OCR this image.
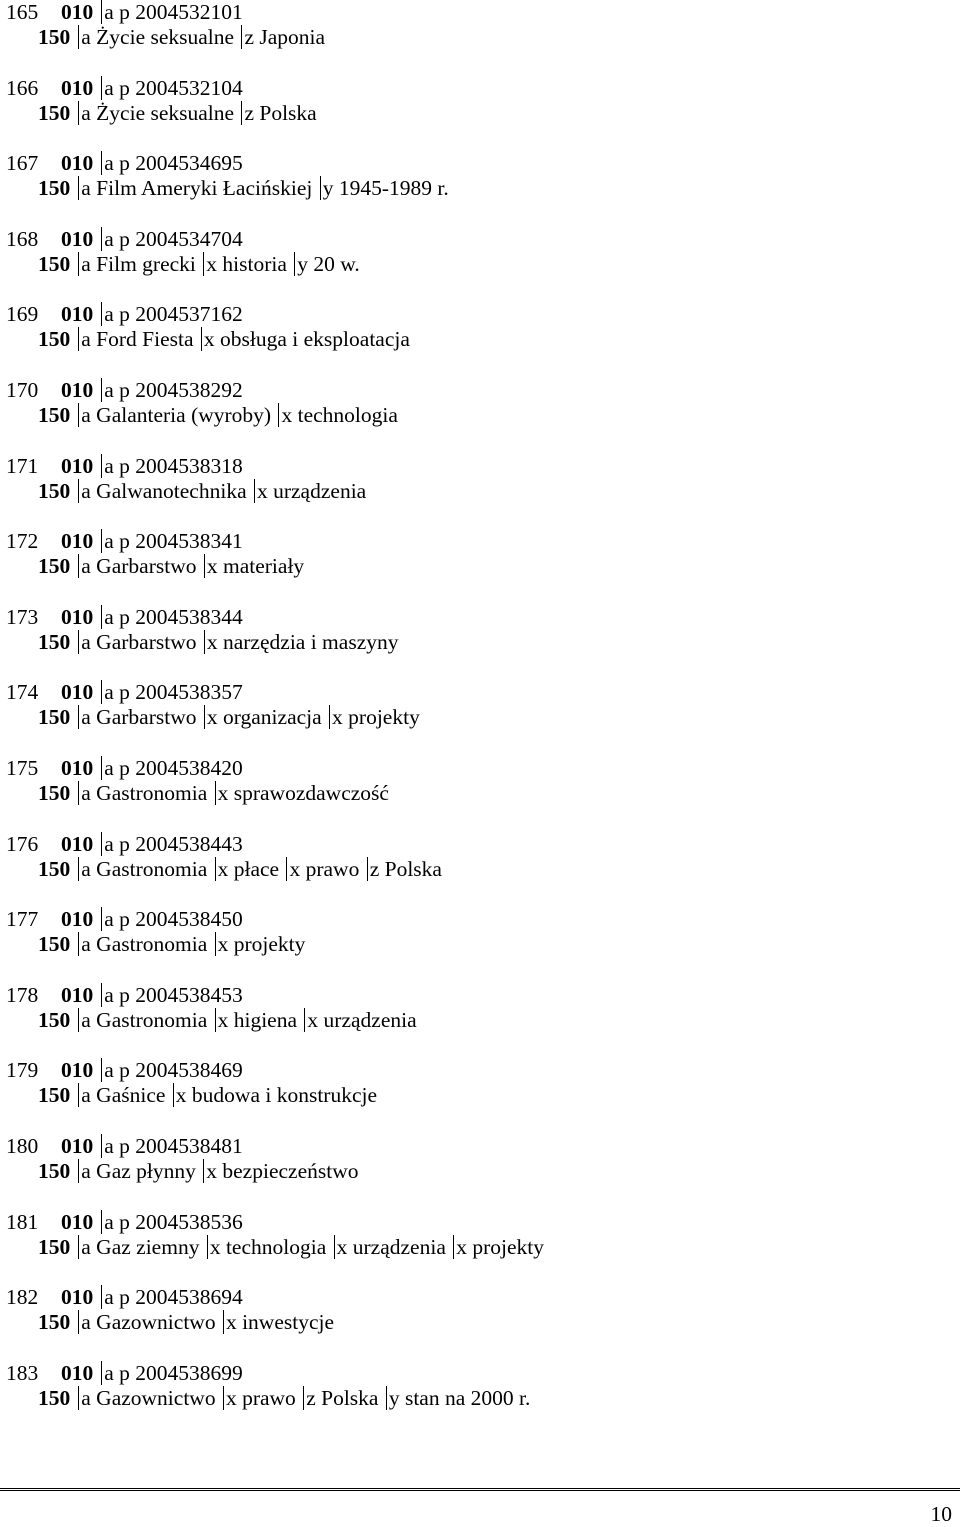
165 010 a p 2004532101
150 a Życie seksualne z Japonia
166 010 a p 2004532104
150 a Życie seksualne z Polska
167 010 a p 2004534695
150 a Film Ameryki Łacińskiej y 1945-1989 r.
168 010 a p 2004534704
150 a Film grecki x historia y 20 w.
169 010 a p 2004537162
150 a Ford Fiesta x obsługa i eksploatacja
170 010 a p 2004538292
150 a Galanteria (wyroby) x technologia
171 010 a p 2004538318
150 a Galwanotechnika x urządzenia
172 010 a p 2004538341
150 a Garbarstwo x materiały
173 010 a p 2004538344
150 a Garbarstwo x narzędzia i maszyny
174 010 a p 2004538357
150 a Garbarstwo x organizacja x projekty
175 010 a p 2004538420
150 a Gastronomia x sprawozdawczość
176 010 a p 2004538443
150 a Gastronomia x płace x prawo z Polska
177 010 a p 2004538450
150 a Gastronomia x projekty
178 010 a p 2004538453
150 a Gastronomia x higiena x urządzenia
179 010 a p 2004538469
150 a Gaśnice x budowa i konstrukcje
180 010 a p 2004538481
150 a Gaz płynny x bezpieczeństwo
181 010 a p 2004538536
150 a Gaz ziemny x technologia x urządzenia x projekty
182 010 a p 2004538694
150 a Gazownictwo x inwestycje
183 010 a p 2004538699
150 a Gazownictwo x prawo z Polska y stan na 2000 r.
10
